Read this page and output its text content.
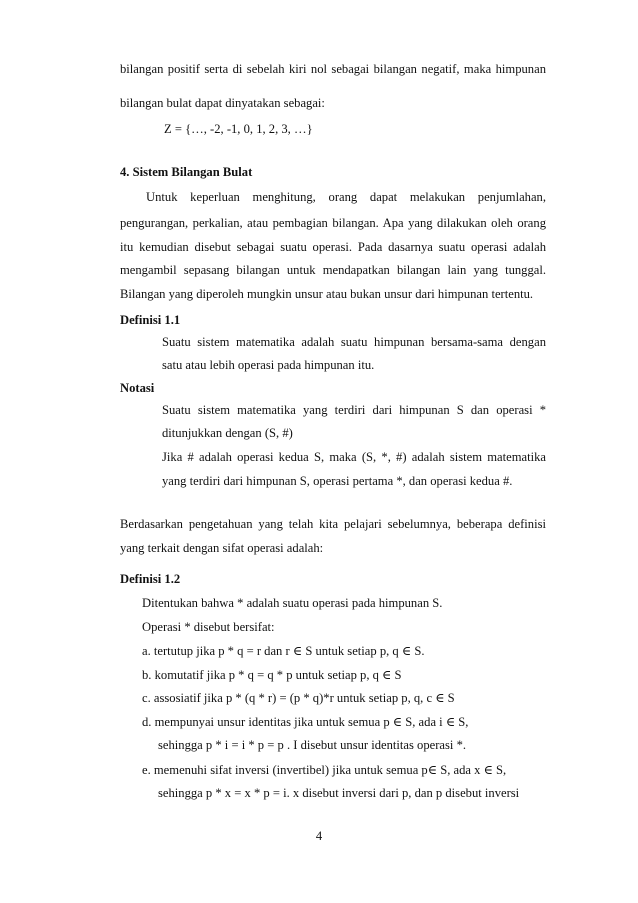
bilangan positif serta di sebelah kiri nol sebagai bilangan negatif, maka himpunan

bilangan bulat dapat dinyatakan sebagai:

Z = {…, -2, -1, 0, 1, 2, 3, …}

4. Sistem Bilangan Bulat

Untuk keperluan menghitung, orang dapat melakukan penjumlahan,

pengurangan, perkalian, atau pembagian bilangan. Apa yang dilakukan oleh orang

itu kemudian disebut sebagai suatu operasi. Pada dasarnya suatu operasi adalah

mengambil sepasang bilangan untuk mendapatkan bilangan lain yang tunggal.

Bilangan yang diperoleh mungkin unsur atau bukan unsur dari himpunan tertentu.

Definisi 1.1

Suatu sistem matematika adalah suatu himpunan bersama-sama dengan

satu atau lebih operasi pada himpunan itu.

Notasi

Suatu sistem matematika yang terdiri dari himpunan S dan operasi *

ditunjukkan dengan (S, #)

Jika # adalah operasi kedua S, maka (S, *, #) adalah sistem matematika

yang terdiri dari himpunan S, operasi pertama *, dan operasi kedua #.

Berdasarkan pengetahuan yang telah kita pelajari sebelumnya, beberapa definisi

yang terkait dengan sifat operasi adalah:

Definisi 1.2

Ditentukan bahwa * adalah suatu operasi pada himpunan S.

Operasi * disebut bersifat:

a. tertutup jika p * q = r dan r ∈ S untuk setiap p, q ∈ S.

b. komutatif jika p * q = q * p untuk setiap p, q ∈ S

c. assosiatif jika p * (q * r) = (p * q)*r untuk setiap p, q, c ∈ S

d. mempunyai unsur identitas jika untuk semua p ∈ S, ada i ∈ S,

sehingga p * i = i * p = p . I disebut unsur identitas operasi *.

e. memenuhi sifat inversi (invertibel) jika untuk semua p∈ S, ada x ∈ S,

sehingga p * x = x * p = i. x disebut inversi dari p, dan p disebut inversi

4
